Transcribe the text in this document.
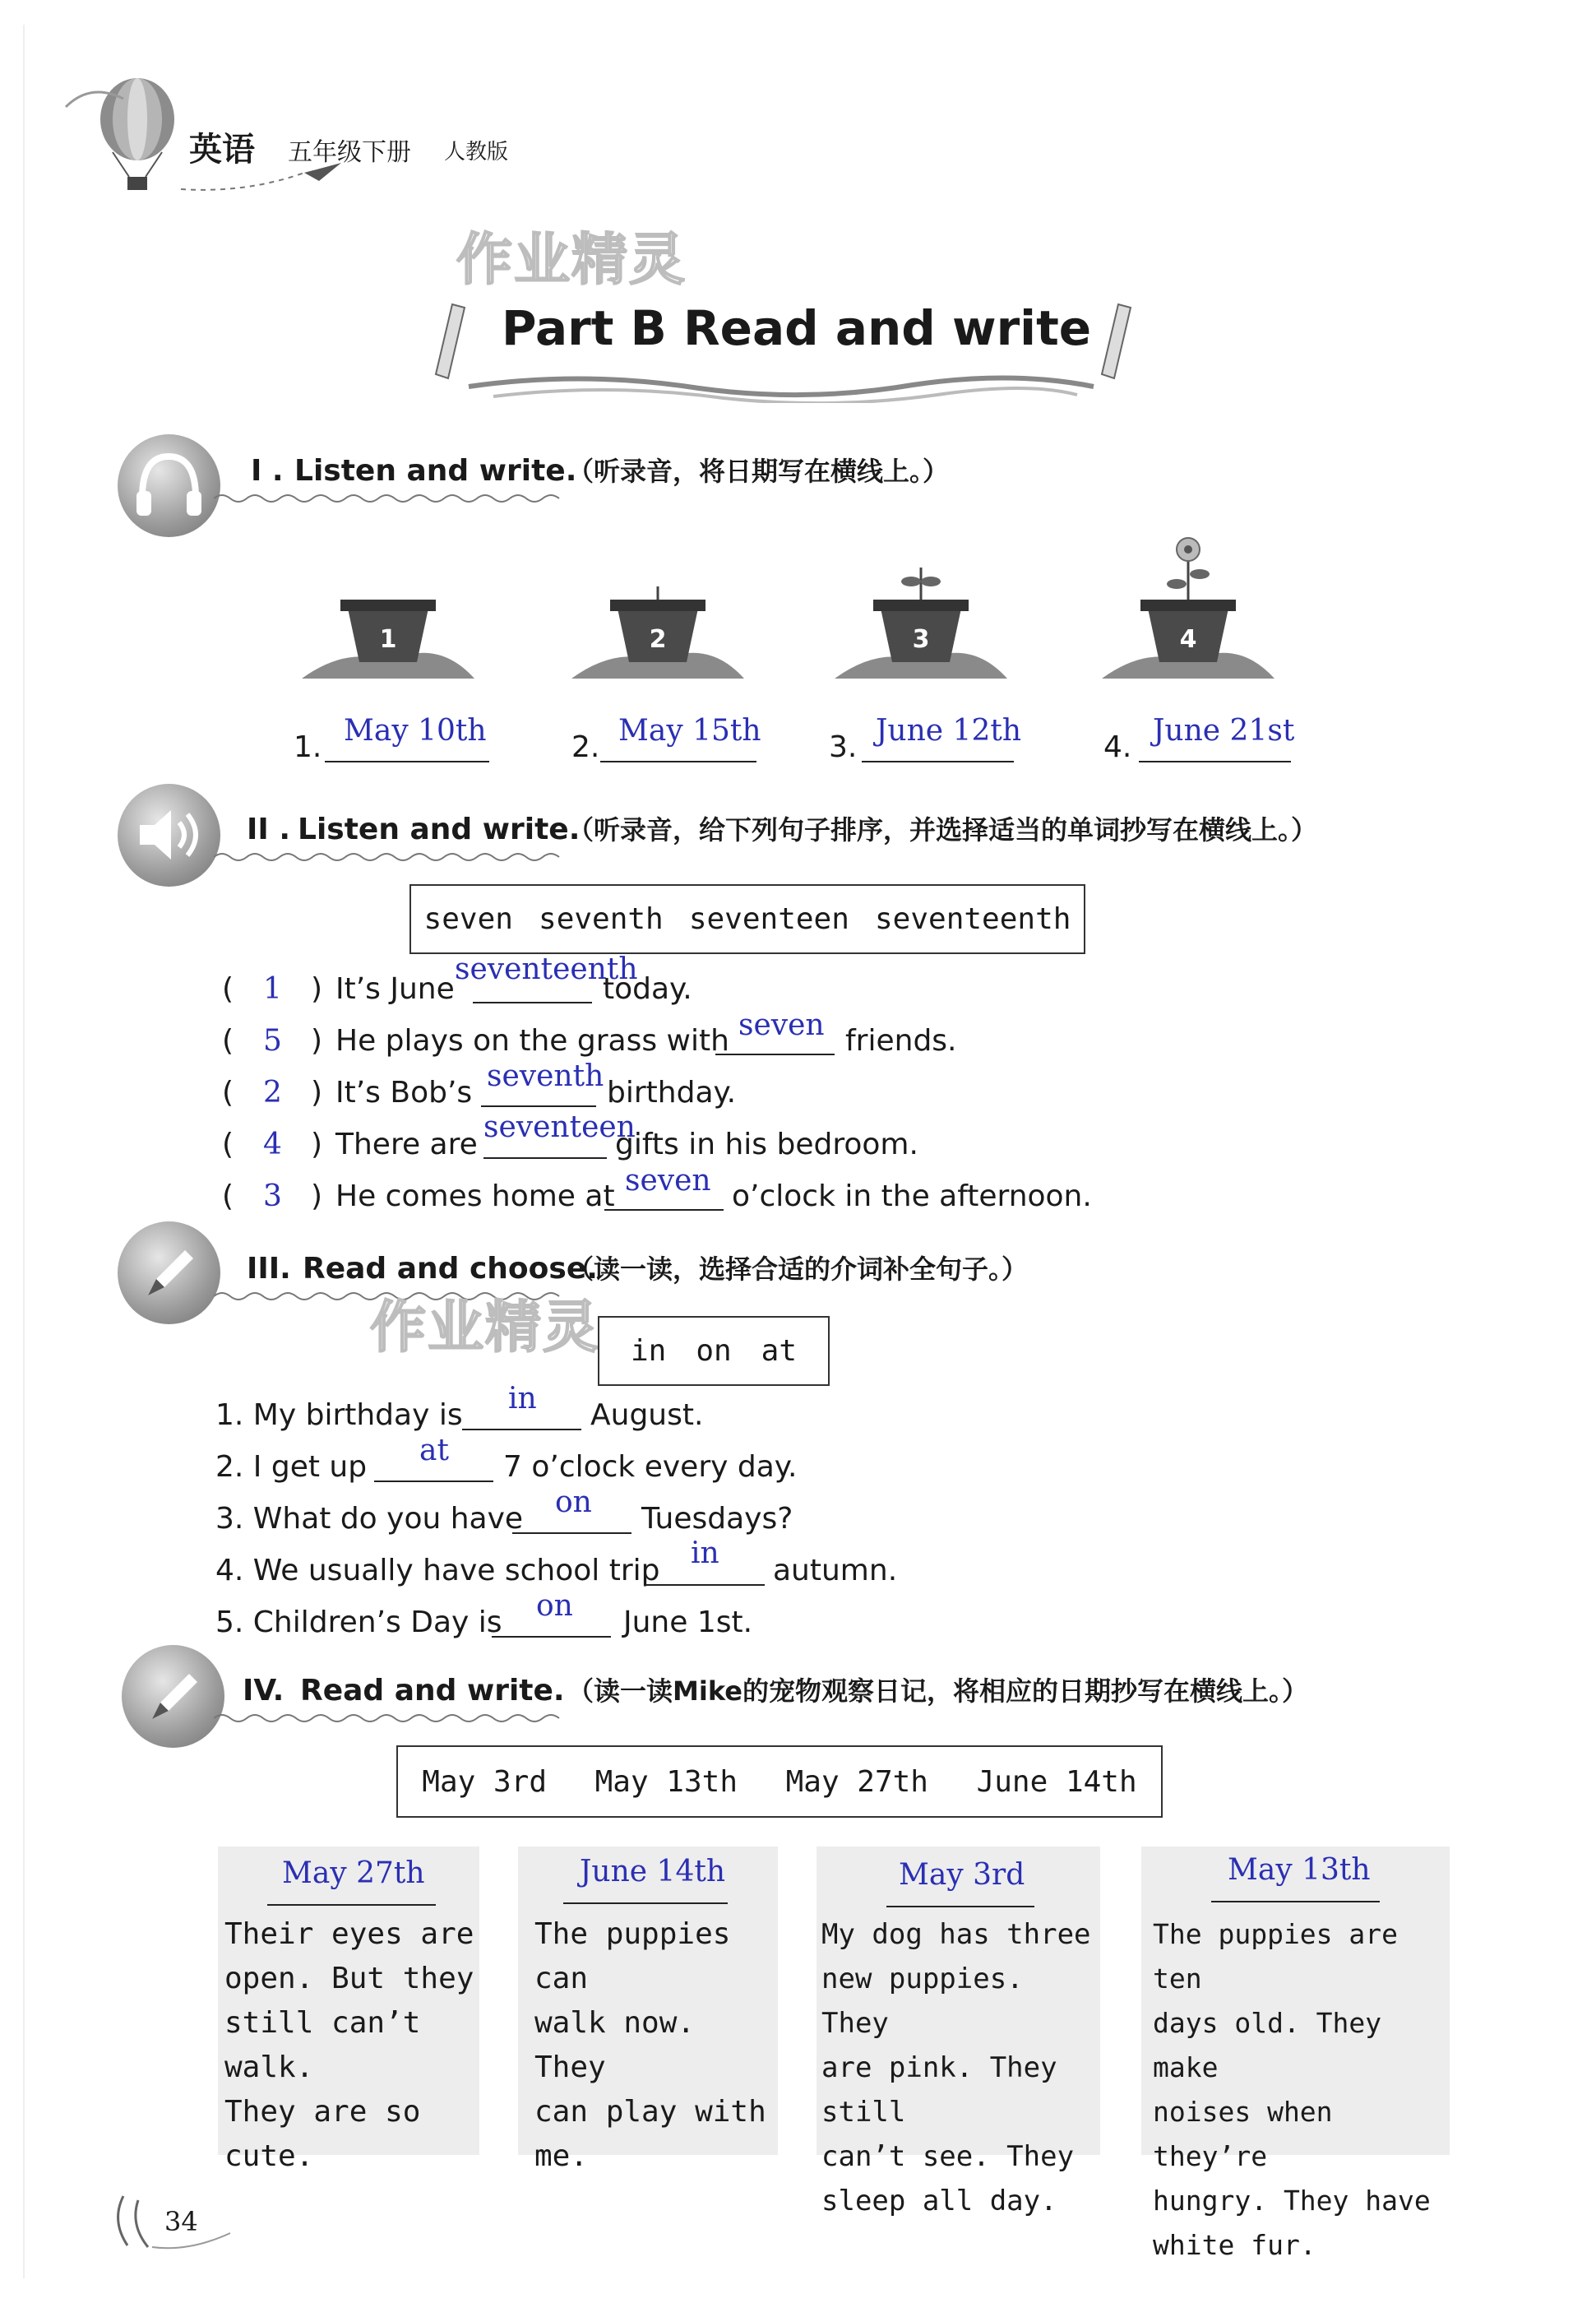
英语 五年级下册 人教版
作业精灵
Part B Read and write
I . Listen and write.
（听录音，将日期写在横线上。）
1	2	3	4
1. May 10th	2. May 15th 3. June 12th	4. June 21st
II . Listen and write.
（听录音，给下列句子排序，并选择适当的单词抄写在横线上。）
seven seventh seventeen seventeenth
( 1 ) It’s June
seventeenth
today.
( 5 ) He plays on the grass with seven friends.
( 2 ) It’s Bob’s seventh birthday.
( 4 ) There are
seventeen
gifts in his bedroom.
( 3 ) He comes home at seven o’clock in the afternoon.
III. Read and choose.
（读一读，选择合适的介词补全句子。）
作业精灵 in on at
1. My birthday is in August.
2. I get up at 7 o’clock every day.
3. What do you have on Tuesdays?
4. We usually have school trip
in
autumn.
5. Children’s Day is on June 1st.
IV. Read and write. （读一读Mike的宠物观察日记，将相应的日期抄写在横线上。）
May 3rd May 13th May 27th June 14th
May 27th
Their eyes are
open. But they
still can’t walk.
They are so cute.
June 14th
The puppies can
walk now. They
can play with
me.
May 3rd
My dog has three
new puppies. They
are pink. They still
can’t see. They
sleep all day.
May 13th
The puppies are ten
days old. They make
noises when they’re
hungry. They have
white fur.
34
